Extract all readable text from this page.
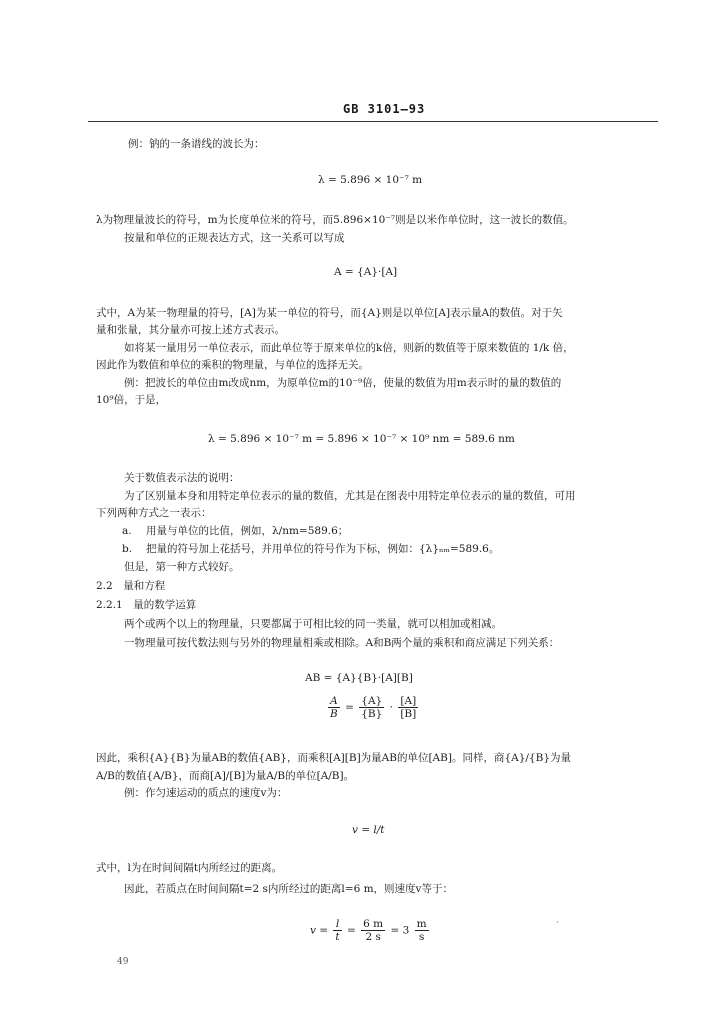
GB 3101—93
例：钠的一条谱线的波长为：
λ = 5.896 × 10⁻⁷ m
λ为物理量波长的符号，m为长度单位米的符号，而5.896×10⁻⁷则是以米作单位时，这一波长的数值。
按量和单位的正规表达方式，这一关系可以写成
A = {A}·[A]
式中，A为某一物理量的符号，[A]为某一单位的符号，而{A}则是以单位[A]表示量A的数值。对于矢
量和张量，其分量亦可按上述方式表示。
如将某一量用另一单位表示，而此单位等于原来单位的k倍，则新的数值等于原来数值的 1/k 倍，
因此作为数值和单位的乘积的物理量，与单位的选择无关。
例：把波长的单位由m改成nm，为原单位m的10⁻⁹倍，使量的数值为用m表示时的量的数值的
10⁹倍，于是，
λ = 5.896 × 10⁻⁷ m = 5.896 × 10⁻⁷ × 10⁹ nm = 589.6 nm
关于数值表示法的说明：
为了区别量本身和用特定单位表示的量的数值，尤其是在图表中用特定单位表示的量的数值，可用
下列两种方式之一表示：
a. 用量与单位的比值，例如，λ/nm=589.6；
b. 把量的符号加上花括号，并用单位的符号作为下标，例如：{λ}ₙₘ=589.6。
但是，第一种方式较好。
2.2　量和方程
2.2.1　量的数学运算
两个或两个以上的物理量，只要都属于可相比较的同一类量，就可以相加或相减。
一物理量可按代数法则与另外的物理量相乘或相除。A和B两个量的乘积和商应满足下列关系：
AB = {A}{B}·[A][B]
$\frac{A}{B} = \frac{\{A\}}{\{B\}} \cdot \frac{[A]}{[B]}$
因此，乘积{A}{B}为量AB的数值{AB}，而乘积[A][B]为量AB的单位[AB]。同样，商{A}/{B}为量
A/B的数值{A/B}，而商[A]/[B]为量A/B的单位[A/B]。
例：作匀速运动的质点的速度v为：
v = l/t
式中，l为在时间间隔t内所经过的距离。
因此，若质点在时间间隔t=2 s内所经过的距离l=6 m，则速度v等于：
$v = \frac{l}{t} = \frac{6 m}{2 s} = 3 \frac{m}{s}$	·
49
